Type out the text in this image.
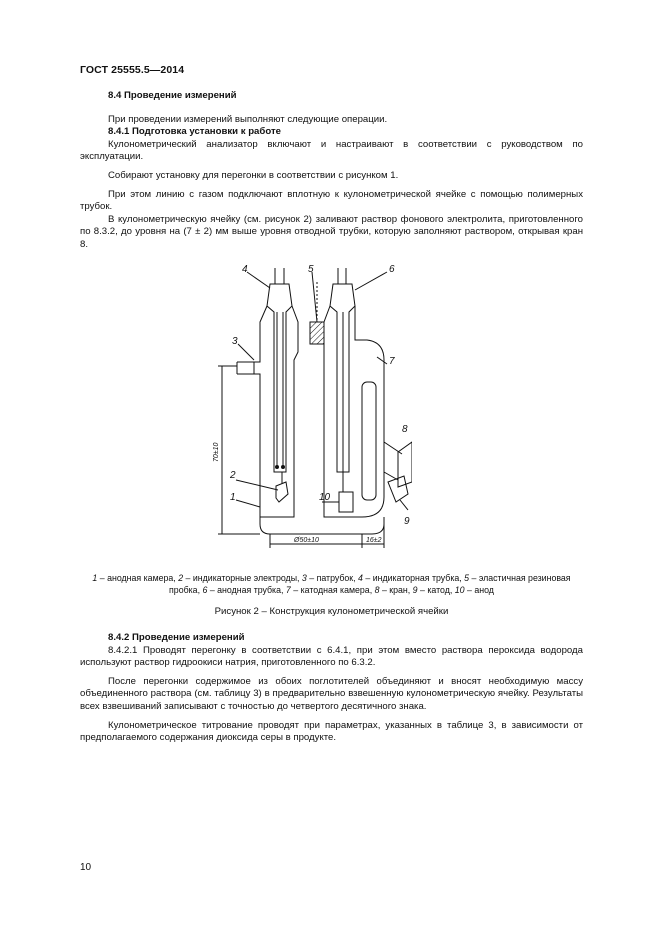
ГОСТ 25555.5—2014

8.4 Проведение измерений

При проведении измерений выполняют следующие операции.

8.4.1 Подготовка установки к работе

Кулонометрический анализатор включают и настраивают в соответствии с руководством по эксплуатации.

Собирают установку для перегонки в соответствии с рисунком 1.

При этом линию с газом подключают вплотную к кулонометрической ячейке с помощью полимерных трубок.

В кулонометрическую ячейку (см. рисунок 2) заливают раствор фонового электролита, приготовленного по 8.3.2, до уровня на (7 ± 2) мм выше уровня отводной трубки, которую заполняют раствором, открывая кран 8.

4	5	6
3
7
2
1	10
8
9
70±10
Ø50±10	16±2
1 – анодная камера, 2 – индикаторные электроды, 3 – патрубок, 4 – индикаторная трубка, 5 – эластичная резиновая пробка, 6 – анодная трубка, 7 – катодная камера, 8 – кран, 9 – катод, 10 – анод
Рисунок 2 – Конструкция кулонометрической ячейки

8.4.2 Проведение измерений

8.4.2.1 Проводят перегонку в соответствии с 6.4.1, при этом вместо раствора пероксида водорода используют раствор гидроокиси натрия, приготовленного по 6.3.2.

После перегонки содержимое из обоих поглотителей объединяют и вносят необходимую массу объединенного раствора (см. таблицу 3) в предварительно взвешенную кулонометрическую ячейку. Результаты всех взвешиваний записывают с точностью до четвертого десятичного знака.

Кулонометрическое титрование проводят при параметрах, указанных в таблице 3, в зависимости от предполагаемого содержания диоксида серы в продукте.

10
